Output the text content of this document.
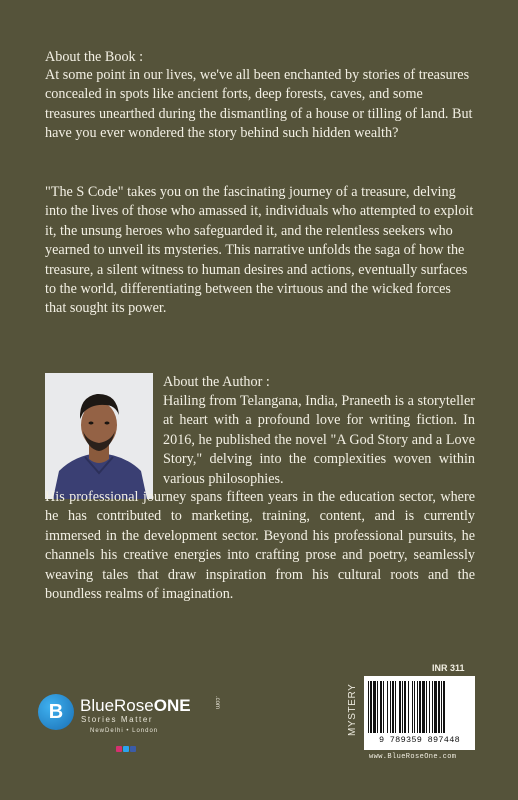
About the Book :

At some point in our lives, we've all been enchanted by stories of treasures concealed in spots like ancient forts, deep forests, caves, and some treasures unearthed during the dismantling of a house or tilling of land. But have you ever wondered the story behind such hidden wealth?

"The S Code" takes you on the fascinating journey of a treasure, delving into the lives of those who amassed it, individuals who attempted to exploit it, the unsung heroes who safeguarded it, and the relentless seekers who yearned to unveil its mysteries. This narrative unfolds the saga of how the treasure, a silent witness to human desires and actions, eventually surfaces to the world, differentiating between the virtuous and the wicked forces that sought its power.

About the Author :

Hailing from Telangana, India, Praneeth is a storyteller at heart with a profound love for writing fiction. In 2016, he published the novel "A God Story and a Love Story," delving into the complexities woven within various philosophies.

His professional journey spans fifteen years in the education sector, where he has contributed to marketing, training, content, and is currently immersed in the development sector. Beyond his professional pursuits, he channels his creative energies into crafting prose and poetry, seamlessly weaving tales that draw inspiration from his cultural roots and the boundless realms of imagination.

B BlueRoseONE	.com
Stories Matter
NewDelhi • London	MYSTERY
INR 311
9 789359 897448
www.BlueRoseOne.com
